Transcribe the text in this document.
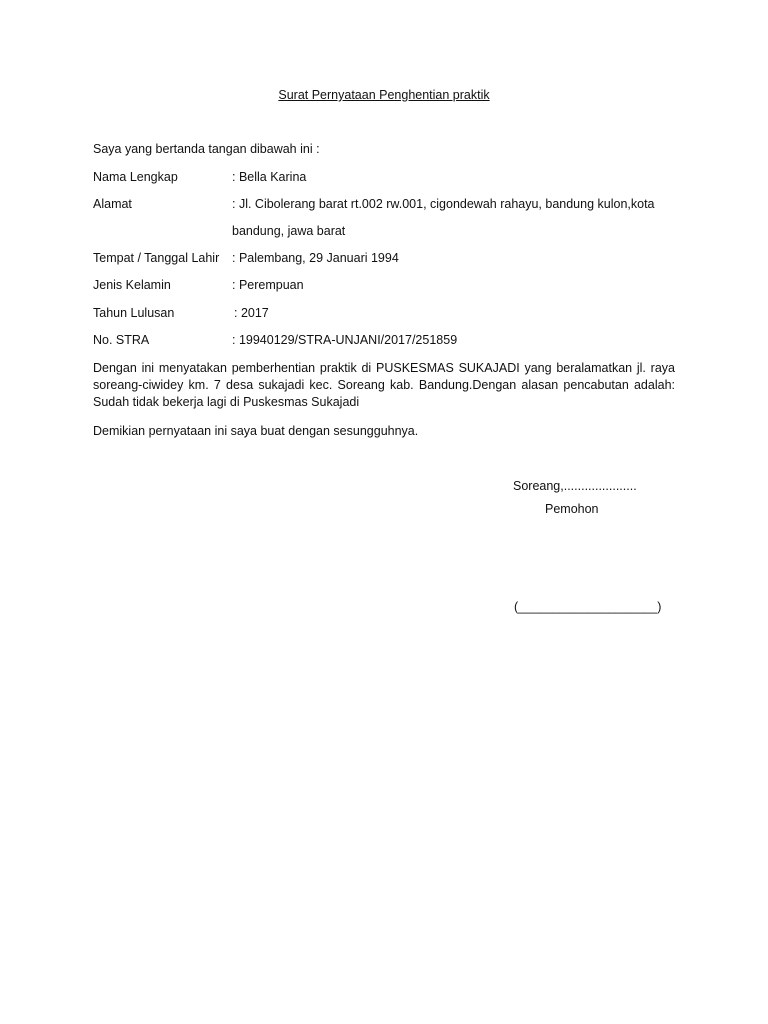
Surat Pernyataan Penghentian praktik
Saya yang bertanda tangan dibawah ini :
Nama Lengkap	: Bella Karina
Alamat	: Jl. Cibolerang barat rt.002 rw.001, cigondewah rahayu, bandung kulon,kota
bandung, jawa barat
Tempat / Tanggal Lahir : Palembang, 29 Januari 1994
Jenis Kelamin	: Perempuan
Tahun Lulusan	: 2017
No. STRA	: 19940129/STRA-UNJANI/2017/251859
Dengan ini menyatakan pemberhentian praktik di PUSKESMAS SUKAJADI yang beralamatkan jl. raya soreang-ciwidey km. 7 desa sukajadi kec. Soreang kab. Bandung.Dengan alasan pencabutan adalah: Sudah tidak bekerja lagi di Puskesmas Sukajadi
Demikian pernyataan ini saya buat dengan sesungguhnya.
Soreang,.....................
Pemohon
(____________________)
